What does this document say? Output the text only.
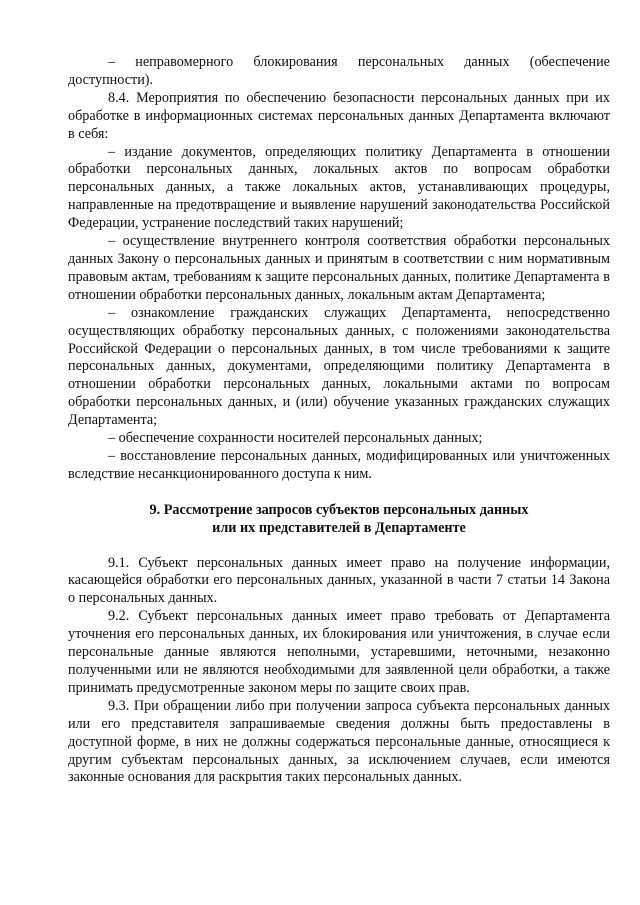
– неправомерного блокирования персональных данных (обеспечение доступности).

8.4. Мероприятия по обеспечению безопасности персональных данных при их обработке в информационных системах персональных данных Департамента включают в себя:

– издание документов, определяющих политику Департамента в отношении обработки персональных данных, локальных актов по вопросам обработки персональных данных, а также локальных актов, устанавливающих процедуры, направленные на предотвращение и выявление нарушений законодательства Российской Федерации, устранение последствий таких нарушений;

– осуществление внутреннего контроля соответствия обработки персональных данных Закону о персональных данных и принятым в соответствии с ним нормативным правовым актам, требованиям к защите персональных данных, политике Департамента в отношении обработки персональных данных, локальным актам Департамента;

– ознакомление гражданских служащих Департамента, непосредственно осуществляющих обработку персональных данных, с положениями законодательства Российской Федерации о персональных данных, в том числе требованиями к защите персональных данных, документами, определяющими политику Департамента в отношении обработки персональных данных, локальными актами по вопросам обработки персональных данных, и (или) обучение указанных гражданских служащих Департамента;

– обеспечение сохранности носителей персональных данных;

– восстановление персональных данных, модифицированных или уничтоженных вследствие несанкционированного доступа к ним.

9. Рассмотрение запросов субъектов персональных данных

или их представителей в Департаменте

9.1. Субъект персональных данных имеет право на получение информации, касающейся обработки его персональных данных, указанной в части 7 статьи 14 Закона о персональных данных.

9.2. Субъект персональных данных имеет право требовать от Департамента уточнения его персональных данных, их блокирования или уничтожения, в случае если персональные данные являются неполными, устаревшими, неточными, незаконно полученными или не являются необходимыми для заявленной цели обработки, а также принимать предусмотренные законом меры по защите своих прав.

9.3. При обращении либо при получении запроса субъекта персональных данных или его представителя запрашиваемые сведения должны быть предоставлены в доступной форме, в них не должны содержаться персональные данные, относящиеся к другим субъектам персональных данных, за исключением случаев, если имеются законные основания для раскрытия таких персональных данных.
